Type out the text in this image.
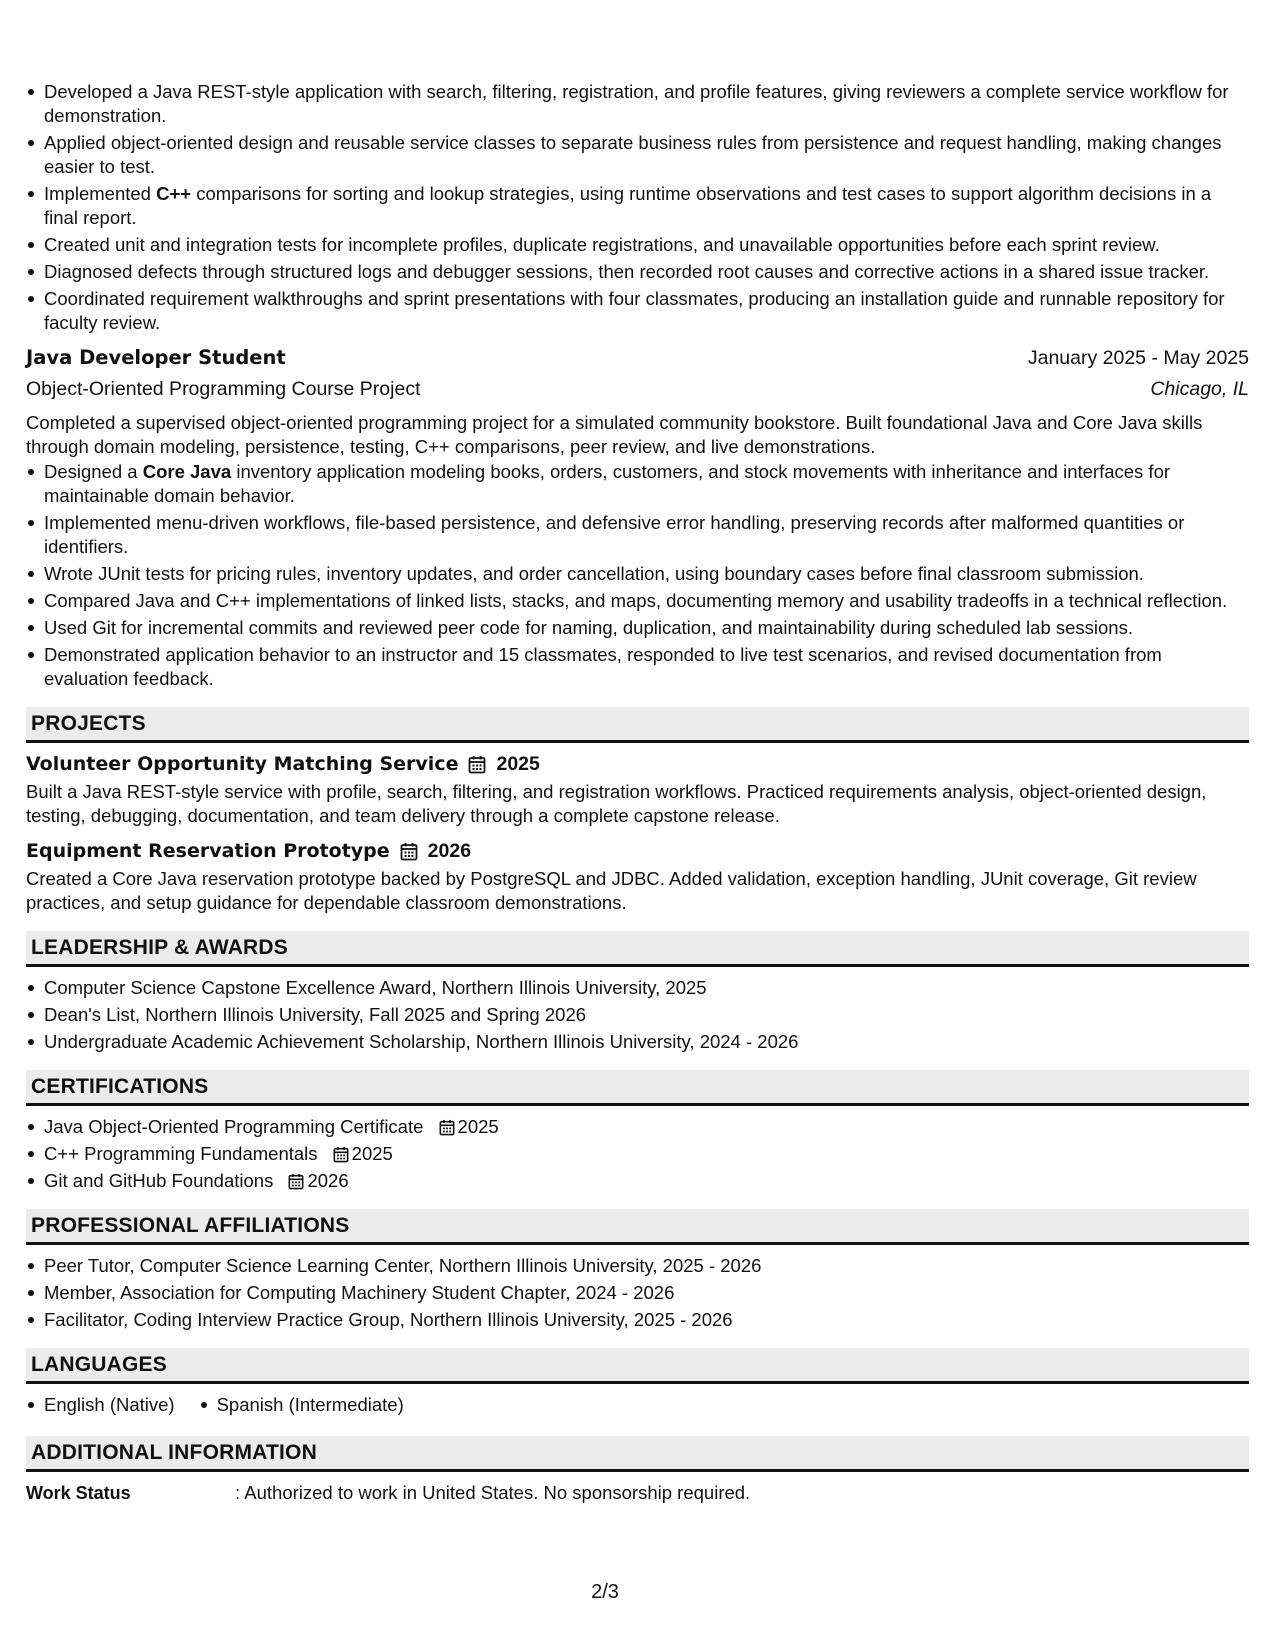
Developed a Java REST-style application with search, filtering, registration, and profile features, giving reviewers a complete service workflow for demonstration.
Applied object-oriented design and reusable service classes to separate business rules from persistence and request handling, making changes easier to test.
Implemented C++ comparisons for sorting and lookup strategies, using runtime observations and test cases to support algorithm decisions in a final report.
Created unit and integration tests for incomplete profiles, duplicate registrations, and unavailable opportunities before each sprint review.
Diagnosed defects through structured logs and debugger sessions, then recorded root causes and corrective actions in a shared issue tracker.
Coordinated requirement walkthroughs and sprint presentations with four classmates, producing an installation guide and runnable repository for faculty review.
Java Developer Student	January 2025 - May 2025
Object-Oriented Programming Course Project	Chicago, IL

Completed a supervised object-oriented programming project for a simulated community bookstore. Built foundational Java and Core Java skills through domain modeling, persistence, testing, C++ comparisons, peer review, and live demonstrations.

Designed a Core Java inventory application modeling books, orders, customers, and stock movements with inheritance and interfaces for maintainable domain behavior.
Implemented menu-driven workflows, file-based persistence, and defensive error handling, preserving records after malformed quantities or identifiers.
Wrote JUnit tests for pricing rules, inventory updates, and order cancellation, using boundary cases before final classroom submission.
Compared Java and C++ implementations of linked lists, stacks, and maps, documenting memory and usability tradeoffs in a technical reflection.
Used Git for incremental commits and reviewed peer code for naming, duplication, and maintainability during scheduled lab sessions.
Demonstrated application behavior to an instructor and 15 classmates, responded to live test scenarios, and revised documentation from evaluation feedback.
PROJECTS
Volunteer Opportunity Matching Service 2025

Built a Java REST-style service with profile, search, filtering, and registration workflows. Practiced requirements analysis, object-oriented design, testing, debugging, documentation, and team delivery through a complete capstone release.

Equipment Reservation Prototype 2026

Created a Core Java reservation prototype backed by PostgreSQL and JDBC. Added validation, exception handling, JUnit coverage, Git review practices, and setup guidance for dependable classroom demonstrations.

LEADERSHIP & AWARDS
Computer Science Capstone Excellence Award, Northern Illinois University, 2025
Dean's List, Northern Illinois University, Fall 2025 and Spring 2026
Undergraduate Academic Achievement Scholarship, Northern Illinois University, 2024 - 2026
CERTIFICATIONS
Java Object-Oriented Programming Certificate 2025
C++ Programming Fundamentals 2025
Git and GitHub Foundations 2026
PROFESSIONAL AFFILIATIONS
Peer Tutor, Computer Science Learning Center, Northern Illinois University, 2025 - 2026
Member, Association for Computing Machinery Student Chapter, 2024 - 2026
Facilitator, Coding Interview Practice Group, Northern Illinois University, 2025 - 2026
LANGUAGES
English (Native)	Spanish (Intermediate)
ADDITIONAL INFORMATION
Work Status	: Authorized to work in United States. No sponsorship required.
2/3
